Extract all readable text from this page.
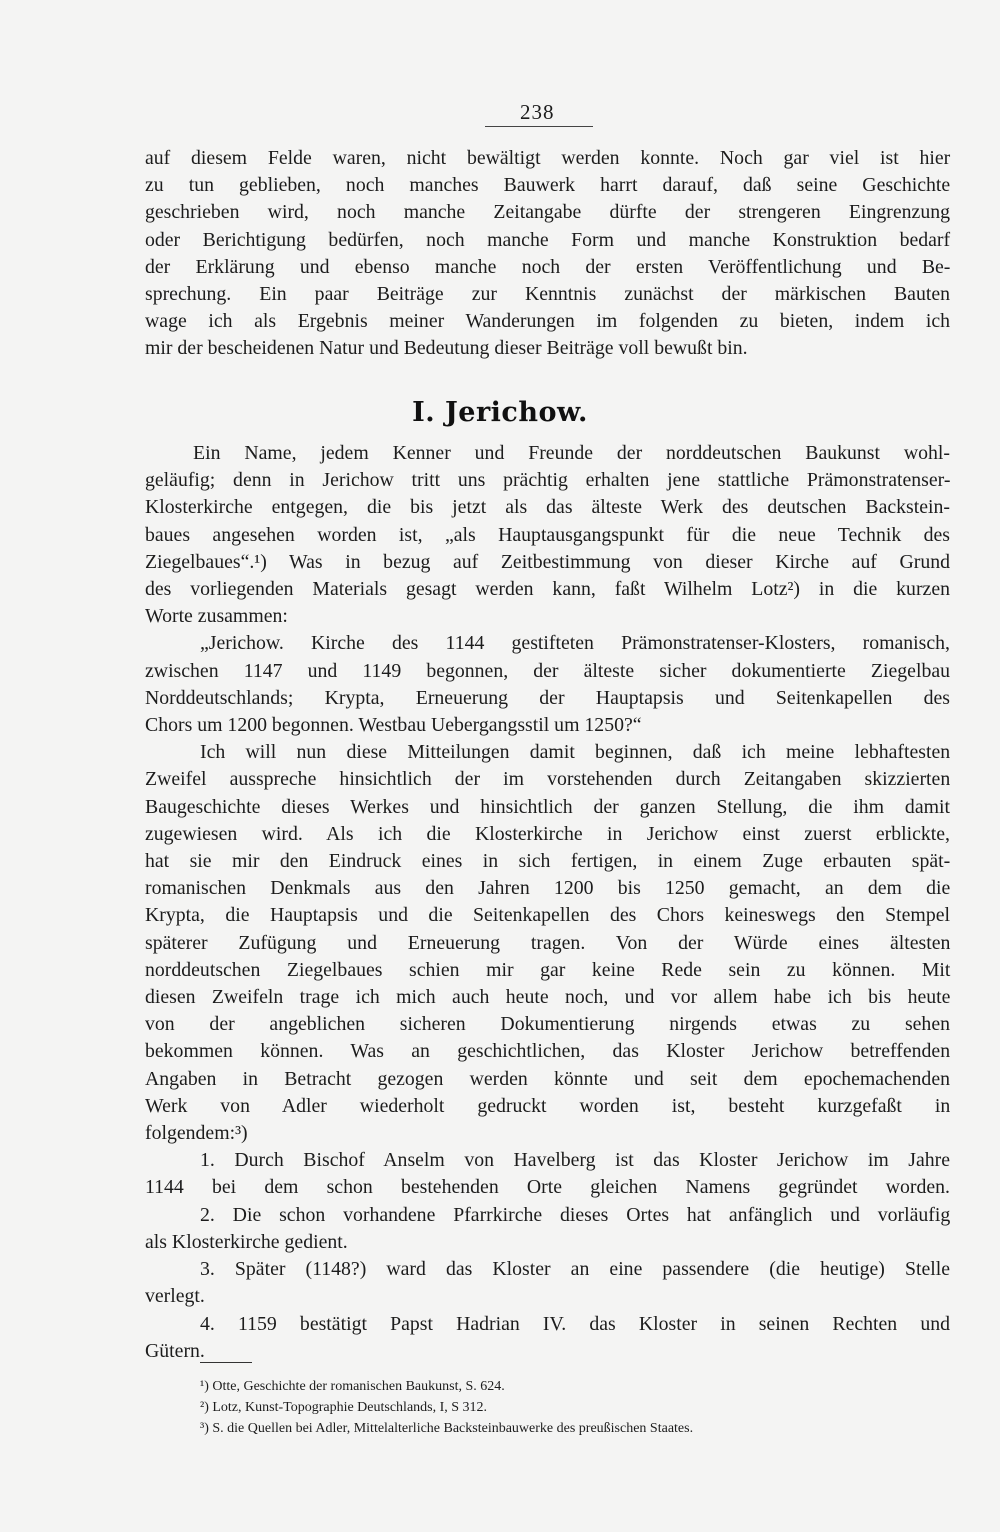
238
auf diesem Felde waren, nicht bewältigt werden konnte. Noch gar viel ist hier
zu tun geblieben, noch manches Bauwerk harrt darauf, daß seine Geschichte
geschrieben wird, noch manche Zeitangabe dürfte der strengeren Eingrenzung
oder Berichtigung bedürfen, noch manche Form und manche Konstruktion bedarf
der Erklärung und ebenso manche noch der ersten Veröffentlichung und Be-
sprechung. Ein paar Beiträge zur Kenntnis zunächst der märkischen Bauten
wage ich als Ergebnis meiner Wanderungen im folgenden zu bieten, indem ich
mir der bescheidenen Natur und Bedeutung dieser Beiträge voll bewußt bin.
I. Jerichow.
Ein Name, jedem Kenner und Freunde der norddeutschen Baukunst wohl-
geläufig; denn in Jerichow tritt uns prächtig erhalten jene stattliche Prämonstratenser-
Klosterkirche entgegen, die bis jetzt als das älteste Werk des deutschen Backstein-
baues angesehen worden ist, „als Hauptausgangspunkt für die neue Technik des
Ziegelbaues“.¹) Was in bezug auf Zeitbestimmung von dieser Kirche auf Grund
des vorliegenden Materials gesagt werden kann, faßt Wilhelm Lotz²) in die kurzen
Worte zusammen:
„Jerichow. Kirche des 1144 gestifteten Prämonstratenser-Klosters, romanisch,
zwischen 1147 und 1149 begonnen, der älteste sicher dokumentierte Ziegelbau
Norddeutschlands; Krypta, Erneuerung der Hauptapsis und Seitenkapellen des
Chors um 1200 begonnen. Westbau Uebergangsstil um 1250?“
Ich will nun diese Mitteilungen damit beginnen, daß ich meine lebhaftesten
Zweifel ausspreche hinsichtlich der im vorstehenden durch Zeitangaben skizzierten
Baugeschichte dieses Werkes und hinsichtlich der ganzen Stellung, die ihm damit
zugewiesen wird. Als ich die Klosterkirche in Jerichow einst zuerst erblickte,
hat sie mir den Eindruck eines in sich fertigen, in einem Zuge erbauten spät-
romanischen Denkmals aus den Jahren 1200 bis 1250 gemacht, an dem die
Krypta, die Hauptapsis und die Seitenkapellen des Chors keineswegs den Stempel
späterer Zufügung und Erneuerung tragen. Von der Würde eines ältesten
norddeutschen Ziegelbaues schien mir gar keine Rede sein zu können. Mit
diesen Zweifeln trage ich mich auch heute noch, und vor allem habe ich bis heute
von der angeblichen sicheren Dokumentierung nirgends etwas zu sehen
bekommen können. Was an geschichtlichen, das Kloster Jerichow betreffenden
Angaben in Betracht gezogen werden könnte und seit dem epochemachenden
Werk von Adler wiederholt gedruckt worden ist, besteht kurzgefaßt in
folgendem:³)
1. Durch Bischof Anselm von Havelberg ist das Kloster Jerichow im Jahre
1144 bei dem schon bestehenden Orte gleichen Namens gegründet worden.
2. Die schon vorhandene Pfarrkirche dieses Ortes hat anfänglich und vorläufig
als Klosterkirche gedient.
3. Später (1148?) ward das Kloster an eine passendere (die heutige) Stelle
verlegt.
4. 1159 bestätigt Papst Hadrian IV. das Kloster in seinen Rechten und
Gütern.
¹) Otte, Geschichte der romanischen Baukunst, S. 624.
²) Lotz, Kunst-Topographie Deutschlands, I, S 312.
³) S. die Quellen bei Adler, Mittelalterliche Backsteinbauwerke des preußischen Staates.
